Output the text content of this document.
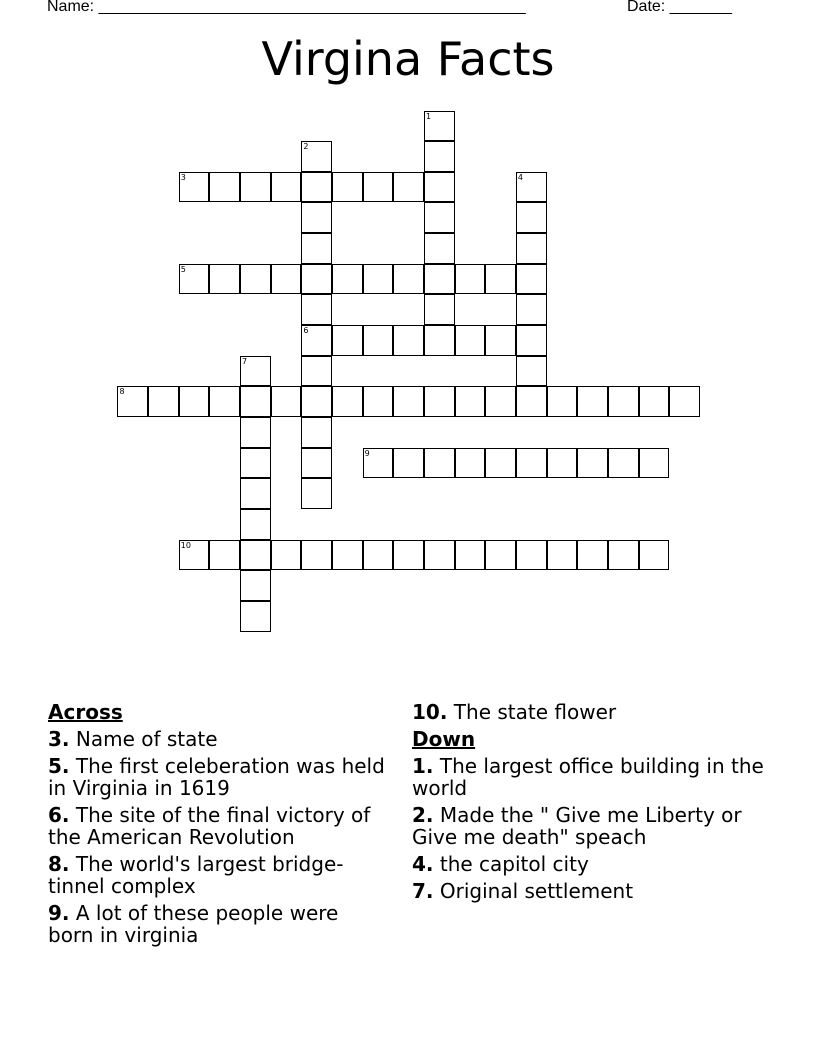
Name: ________________________________________________	Date: _______
Virgina Facts
1
2
3	4
5
6
7
8
9
10
Across
3. Name of state
5. The first celeberation was held in Virginia in 1619
6. The site of the final victory of the American Revolution
8. The world's largest bridge-tinnel complex
9. A lot of these people were born in virginia
10. The state flower
Down
1. The largest office building in the world
2. Made the " Give me Liberty or Give me death" speach
4. the capitol city
7. Original settlement
